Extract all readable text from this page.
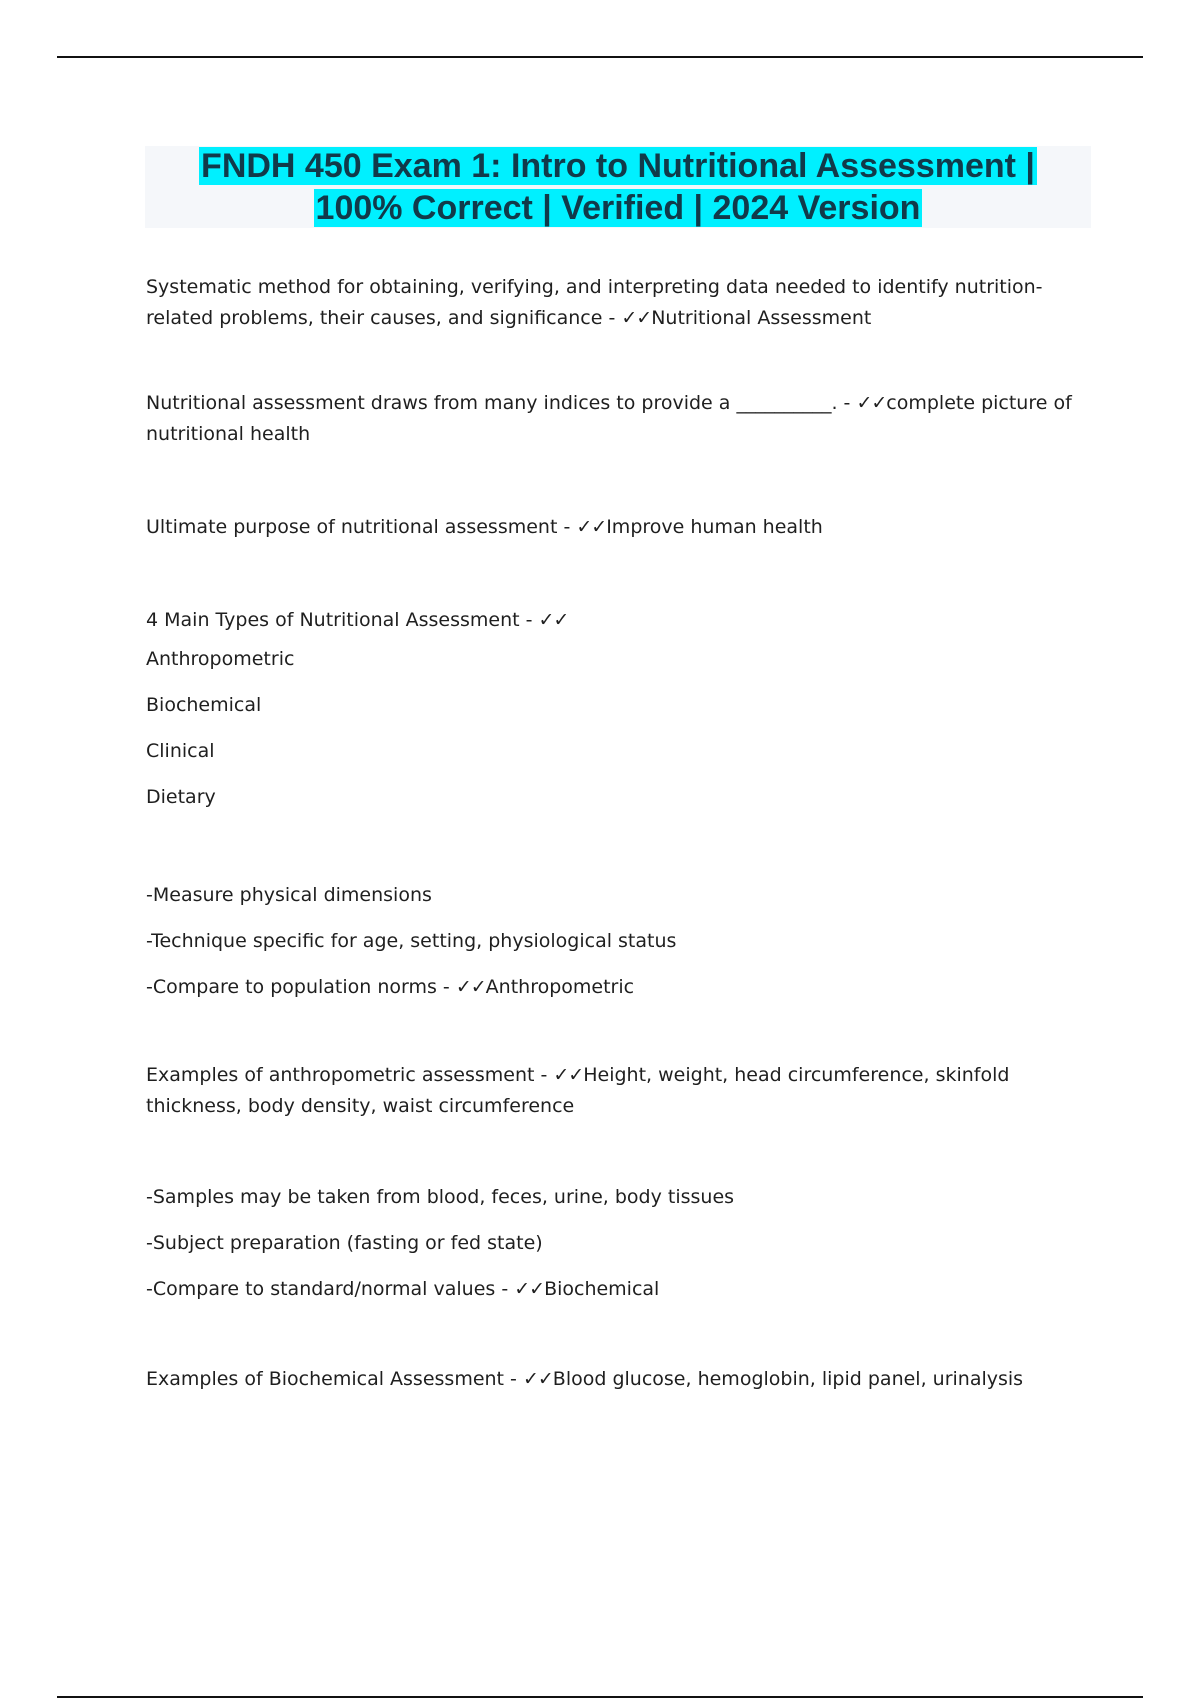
FNDH 450 Exam 1: Intro to Nutritional Assessment |
100% Correct | Verified | 2024 Version

Systematic method for obtaining, verifying, and interpreting data needed to identify nutrition-related problems, their causes, and significance - ✓✓Nutritional Assessment

Nutritional assessment draws from many indices to provide a __________. - ✓✓complete picture of nutritional health

Ultimate purpose of nutritional assessment - ✓✓Improve human health

4 Main Types of Nutritional Assessment - ✓✓

Anthropometric

Biochemical

Clinical

Dietary

-Measure physical dimensions

-Technique specific for age, setting, physiological status

-Compare to population norms - ✓✓Anthropometric

Examples of anthropometric assessment - ✓✓Height, weight, head circumference, skinfold thickness, body density, waist circumference

-Samples may be taken from blood, feces, urine, body tissues

-Subject preparation (fasting or fed state)

-Compare to standard/normal values - ✓✓Biochemical

Examples of Biochemical Assessment - ✓✓Blood glucose, hemoglobin, lipid panel, urinalysis
